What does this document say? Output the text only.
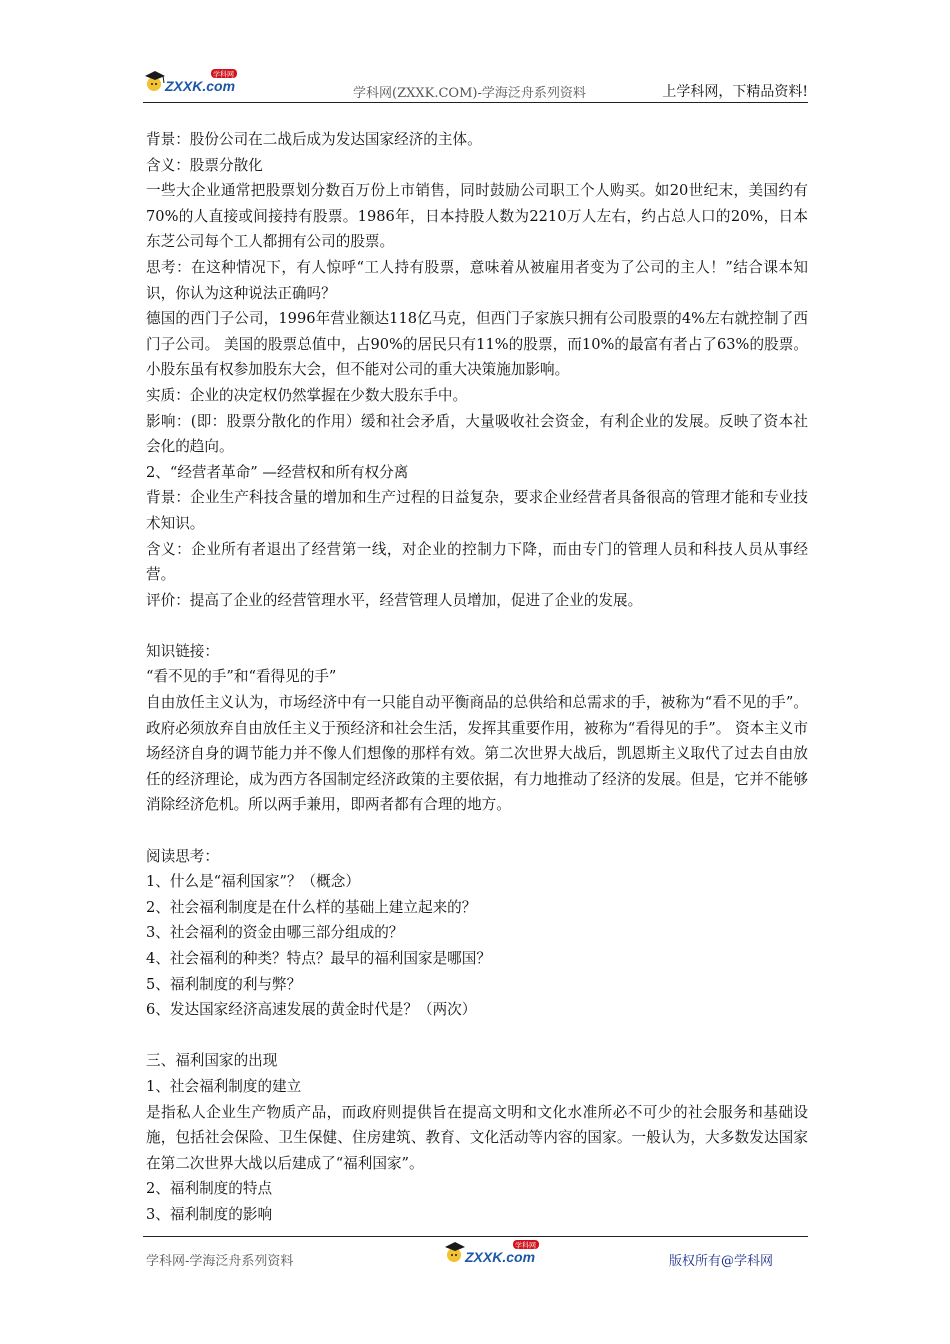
ZXXK.com
学科网
学科网(ZXXK.COM)-学海泛舟系列资料	上学科网，下精品资料!

背景：股份公司在二战后成为发达国家经济的主体。

含义：股票分散化

一些大企业通常把股票划分数百万份上市销售，同时鼓励公司职工个人购买。如20世纪末，美国约有70%的人直接或间接持有股票。1986年，日本持股人数为2210万人左右，约占总人口的20%，日本东芝公司每个工人都拥有公司的股票。

思考：在这种情况下，有人惊呼“工人持有股票，意味着从被雇用者变为了公司的主人！”结合课本知识，你认为这种说法正确吗？

德国的西门子公司，1996年营业额达118亿马克，但西门子家族只拥有公司股票的4%左右就控制了西门子公司。 美国的股票总值中，占90%的居民只有11%的股票，而10%的最富有者占了63%的股票。小股东虽有权参加股东大会，但不能对公司的重大决策施加影响。

实质：企业的决定权仍然掌握在少数大股东手中。

影响：(即：股票分散化的作用）缓和社会矛盾，大量吸收社会资金，有利企业的发展。反映了资本社会化的趋向。

2、“经营者革命” —经营权和所有权分离

背景：企业生产科技含量的增加和生产过程的日益复杂，要求企业经营者具备很高的管理才能和专业技术知识。

含义：企业所有者退出了经营第一线，对企业的控制力下降，而由专门的管理人员和科技人员从事经营。

评价：提高了企业的经营管理水平，经营管理人员增加，促进了企业的发展。

知识链接：

“看不见的手”和“看得见的手”

自由放任主义认为，市场经济中有一只能自动平衡商品的总供给和总需求的手，被称为“看不见的手”。 政府必须放弃自由放任主义于预经济和社会生活，发挥其重要作用，被称为“看得见的手”。 资本主义市场经济自身的调节能力并不像人们想像的那样有效。第二次世界大战后，凯恩斯主义取代了过去自由放任的经济理论，成为西方各国制定经济政策的主要依据，有力地推动了经济的发展。但是，它并不能够消除经济危机。所以两手兼用，即两者都有合理的地方。

阅读思考：

1、什么是“福利国家”？（概念）

2、社会福利制度是在什么样的基础上建立起来的？

3、社会福利的资金由哪三部分组成的？

4、社会福利的种类？特点？最早的福利国家是哪国？

5、福利制度的利与弊？

6、发达国家经济高速发展的黄金时代是？（两次）

三、福利国家的出现

1、社会福利制度的建立

是指私人企业生产物质产品，而政府则提供旨在提高文明和文化水准所必不可少的社会服务和基础设施，包括社会保险、卫生保健、住房建筑、教育、文化活动等内容的国家。一般认为，大多数发达国家在第二次世界大战以后建成了“福利国家”。

2、福利制度的特点

3、福利制度的影响

学科网-学海泛舟系列资料	ZXXK.com
学科网
版权所有@学科网
